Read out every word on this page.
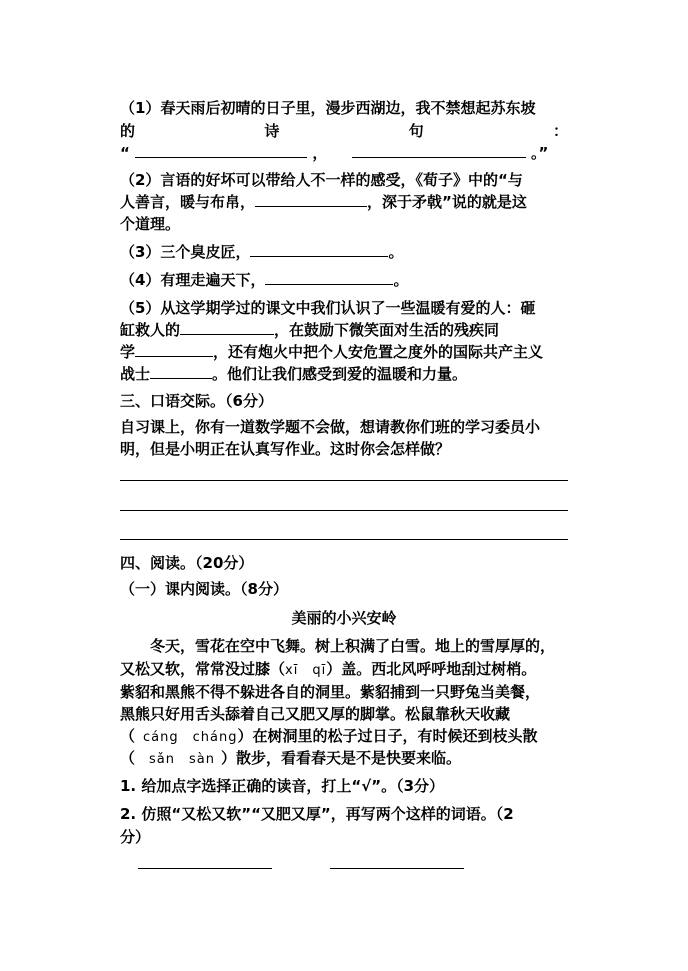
（1）春天雨后初晴的日子里，漫步西湖边，我不禁想起苏东坡
的	诗	句	：
“	，	。”
（2）言语的好坏可以带给人不一样的感受，《荀子》中的“与
人善言，暖与布帛，	，深于矛戟”说的就是这
个道理。
（3）三个臭皮匠，	。
（4）有理走遍天下，	。
（5）从这学期学过的课文中我们认识了一些温暖有爱的人：砸
缸救人的	，在鼓励下微笑面对生活的残疾同
学	，还有炮火中把个人安危置之度外的国际共产主义
战士	。他们让我们感受到爱的温暖和力量。
三、口语交际。（6分）
自习课上，你有一道数学题不会做，想请教你们班的学习委员小
明，但是小明正在认真写作业。这时你会怎样做？
四、阅读。（20分）
（一）课内阅读。（8分）
美丽的小兴安岭
冬天，雪花在空中飞舞。树上积满了白雪。地上的雪厚厚的，
又松又软，常常没过膝（xī　qī）盖。西北风呼呼地刮过树梢。
紫貂和黑熊不得不躲进各自的洞里。紫貂捕到一只野兔当美餐，
黑熊只好用舌头舔着自己又肥又厚的脚掌。松鼠靠秋天收藏
（ cáng　cháng）在树洞里的松子过日子，有时候还到枝头散
（ sǎn　sàn ）散步，看看春天是不是快要来临。
1. 给加点字选择正确的读音，打上“√”。（3分）
2. 仿照“又松又软”“又肥又厚”，再写两个这样的词语。（2
分）
